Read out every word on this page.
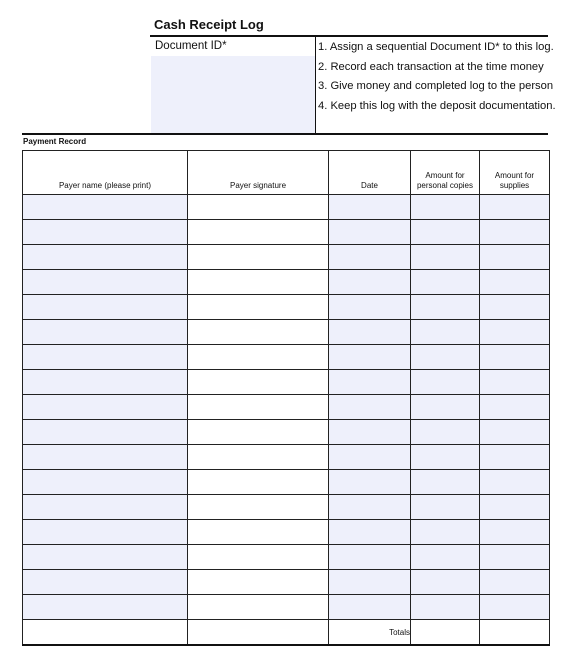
Cash Receipt Log
Document ID*	1. Assign a sequential Document ID* to this log.
2. Record each transaction at the time money
3. Give money and completed log to the person
4. Keep this log with the deposit documentation.
Payment Record
Payer name (please print)	Payer signature	Date	Amount for personal copies	Amount for supplies

		Totals		
